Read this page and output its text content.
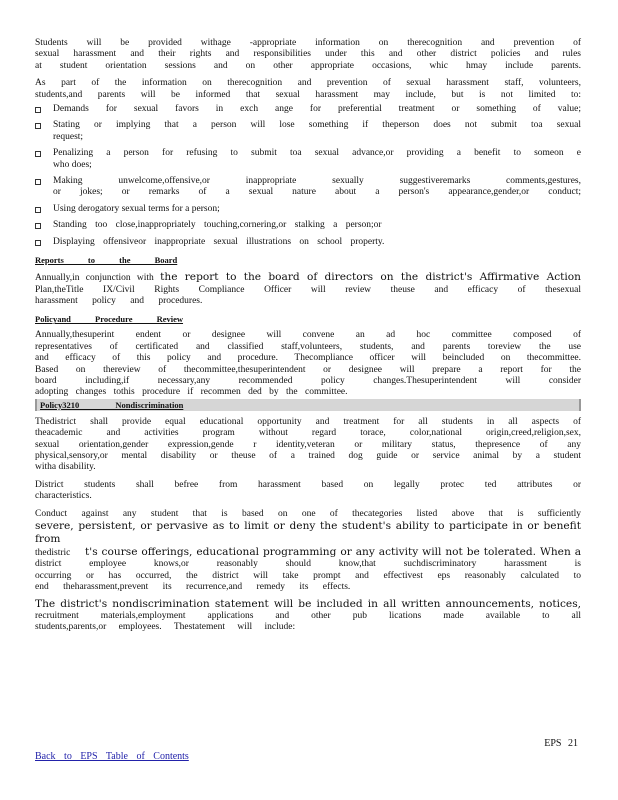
Students will be provided withage -appropriate information on therecognition and prevention of

sexual harassment and their rights and responsibilities under this and other district policies and rules

at student orientation sessions and on other appropriate occasions, whic hmay include parents.

As part of the information on therecognition and prevention of sexual harassment staff, volunteers,

students,and parents will be informed that sexual harassment may include, but is not limited to:

Demands for sexual favors in exch ange for preferential treatment or something of value;

Stating or implying that a person will lose something if theperson does not submit toa sexual

request;

Penalizing a person for refusing to submit toa sexual advance,or providing a benefit to someon e

who does;

Making unwelcome,offensive,or inappropriate sexually suggestiveremarks comments,gestures,

or jokes; or remarks of a sexual nature about a person's appearance,gender,or conduct;

Using derogatory sexual terms for a person;

Standing too close,inappropriately touching,cornering,or stalking a person;or

Displaying offensiveor inappropriate sexual illustrations on school property.

Reports to the Board

Annually,in conjunction with the report to the board of directors on the district's Affirmative Action

Plan,theTitle IX/Civil Rights Compliance Officer will review theuse and efficacy of thesexual

harassment policy and procedures.

Policyand Procedure Review

Annually,thesuperint endent or designee will convene an ad hoc committee composed of

representatives of certificated and classified staff,volunteers, students, and parents toreview the use

and efficacy of this policy and procedure. Thecompliance officer will beincluded on thecommittee.

Based on thereview of thecommittee,thesuperintendent or designee will prepare a report for the

board including,if necessary,any recommended policy changes.Thesuperintendent will consider

adopting changes tothis procedure if recommen ded by the committee.

Policy3210 Nondiscrimination

Thedistrict shall provide equal educational opportunity and treatment for all students in all aspects of

theacademic and activities program without regard torace, color,national origin,creed,religion,sex,

sexual orientation,gender expression,gende r identity,veteran or military status, thepresence of any

physical,sensory,or mental disability or theuse of a trained dog guide or service animal by a student

witha disability.

District students shall befree from harassment based on legally protec ted attributes or

characteristics.

Conduct against any student that is based on one of thecategories listed above that is sufficiently

severe, persistent, or pervasive as to limit or deny the student's ability to participate in or benefit from

thedistric t's course offerings, educational programming or any activity will not be tolerated. When a

district employee knows,or reasonably should know,that suchdiscriminatory harassment is

occurring or has occurred, the district will take prompt and effectivest eps reasonably calculated to

end theharassment,prevent its recurrence,and remedy its effects.

The district's nondiscrimination statement will be included in all written announcements, notices,

recruitment materials,employment applications and other pub lications made available to all

students,parents,or employees. Thestatement will include:

EPS 21
Back to EPS Table of Contents
